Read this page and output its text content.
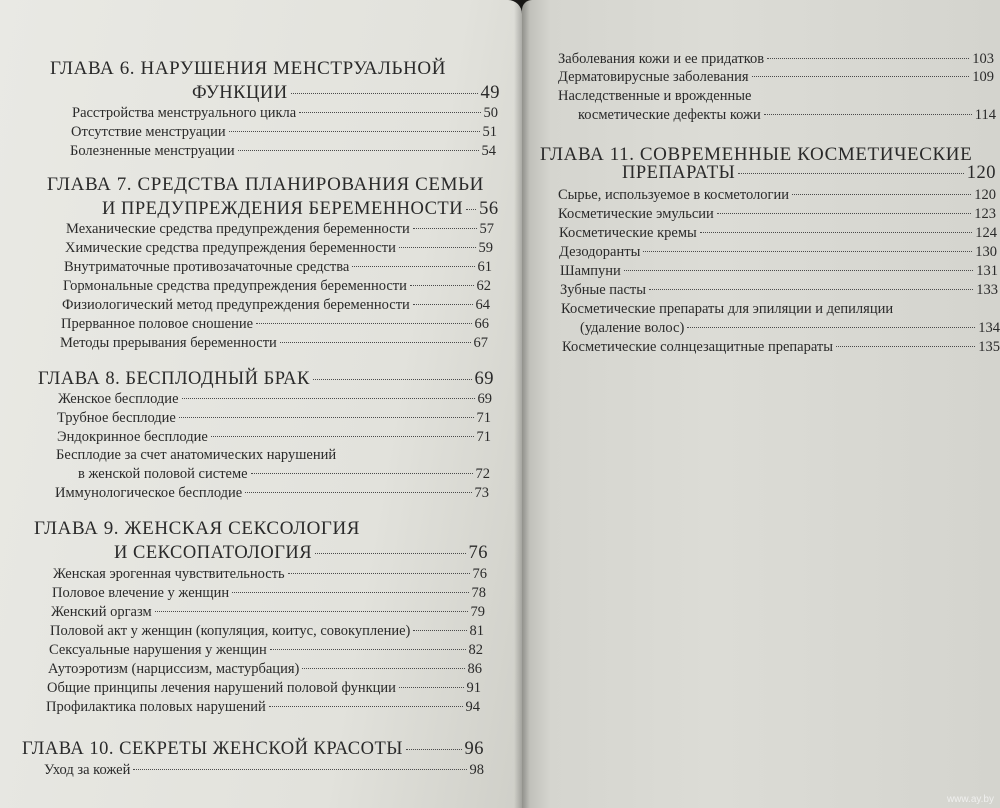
ГЛАВА 6. НАРУШЕНИЯ МЕНСТРУАЛЬНОЙ
ФУНКЦИИ	49
Расстройства менструального цикла	50
Отсутствие менструации	51
Болезненные менструации	54
ГЛАВА 7. СРЕДСТВА ПЛАНИРОВАНИЯ СЕМЬИ
И ПРЕДУПРЕЖДЕНИЯ БЕРЕМЕННОСТИ 56
Механические средства предупреждения беременности	57
Химические средства предупреждения беременности	59
Внутриматочные противозачаточные средства	61
Гормональные средства предупреждения беременности	62
Физиологический метод предупреждения беременности	64
Прерванное половое сношение	66
Методы прерывания беременности	67
ГЛАВА 8. БЕСПЛОДНЫЙ БРАК	69
Женское бесплодие	69
Трубное бесплодие	71
Эндокринное бесплодие	71
Бесплодие за счет анатомических нарушений
в женской половой системе	72
Иммунологическое бесплодие	73
ГЛАВА 9. ЖЕНСКАЯ СЕКСОЛОГИЯ
И СЕКСОПАТОЛОГИЯ	76
Женская эрогенная чувствительность	76
Половое влечение у женщин	78
Женский оргазм	79
Половой акт у женщин (копуляция, коитус, совокупление)	81
Сексуальные нарушения у женщин	82
Аутоэротизм (нарциссизм, мастурбация)	86
Общие принципы лечения нарушений половой функции	91
Профилактика половых нарушений	94
ГЛАВА 10. СЕКРЕТЫ ЖЕНСКОЙ КРАСОТЫ	96
Уход за кожей	98
Заболевания кожи и ее придатков	103
Дерматовирусные заболевания	109
Наследственные и врожденные
косметические дефекты кожи	114
ГЛАВА 11. СОВРЕМЕННЫЕ КОСМЕТИЧЕСКИЕ
ПРЕПАРАТЫ	120
Сырье, используемое в косметологии	120
Косметические эмульсии	123
Косметические кремы	124
Дезодоранты	130
Шампуни	131
Зубные пасты	133
Косметические препараты для эпиляции и депиляции
(удаление волос)	134
Косметические солнцезащитные препараты	135
www.ay.by
